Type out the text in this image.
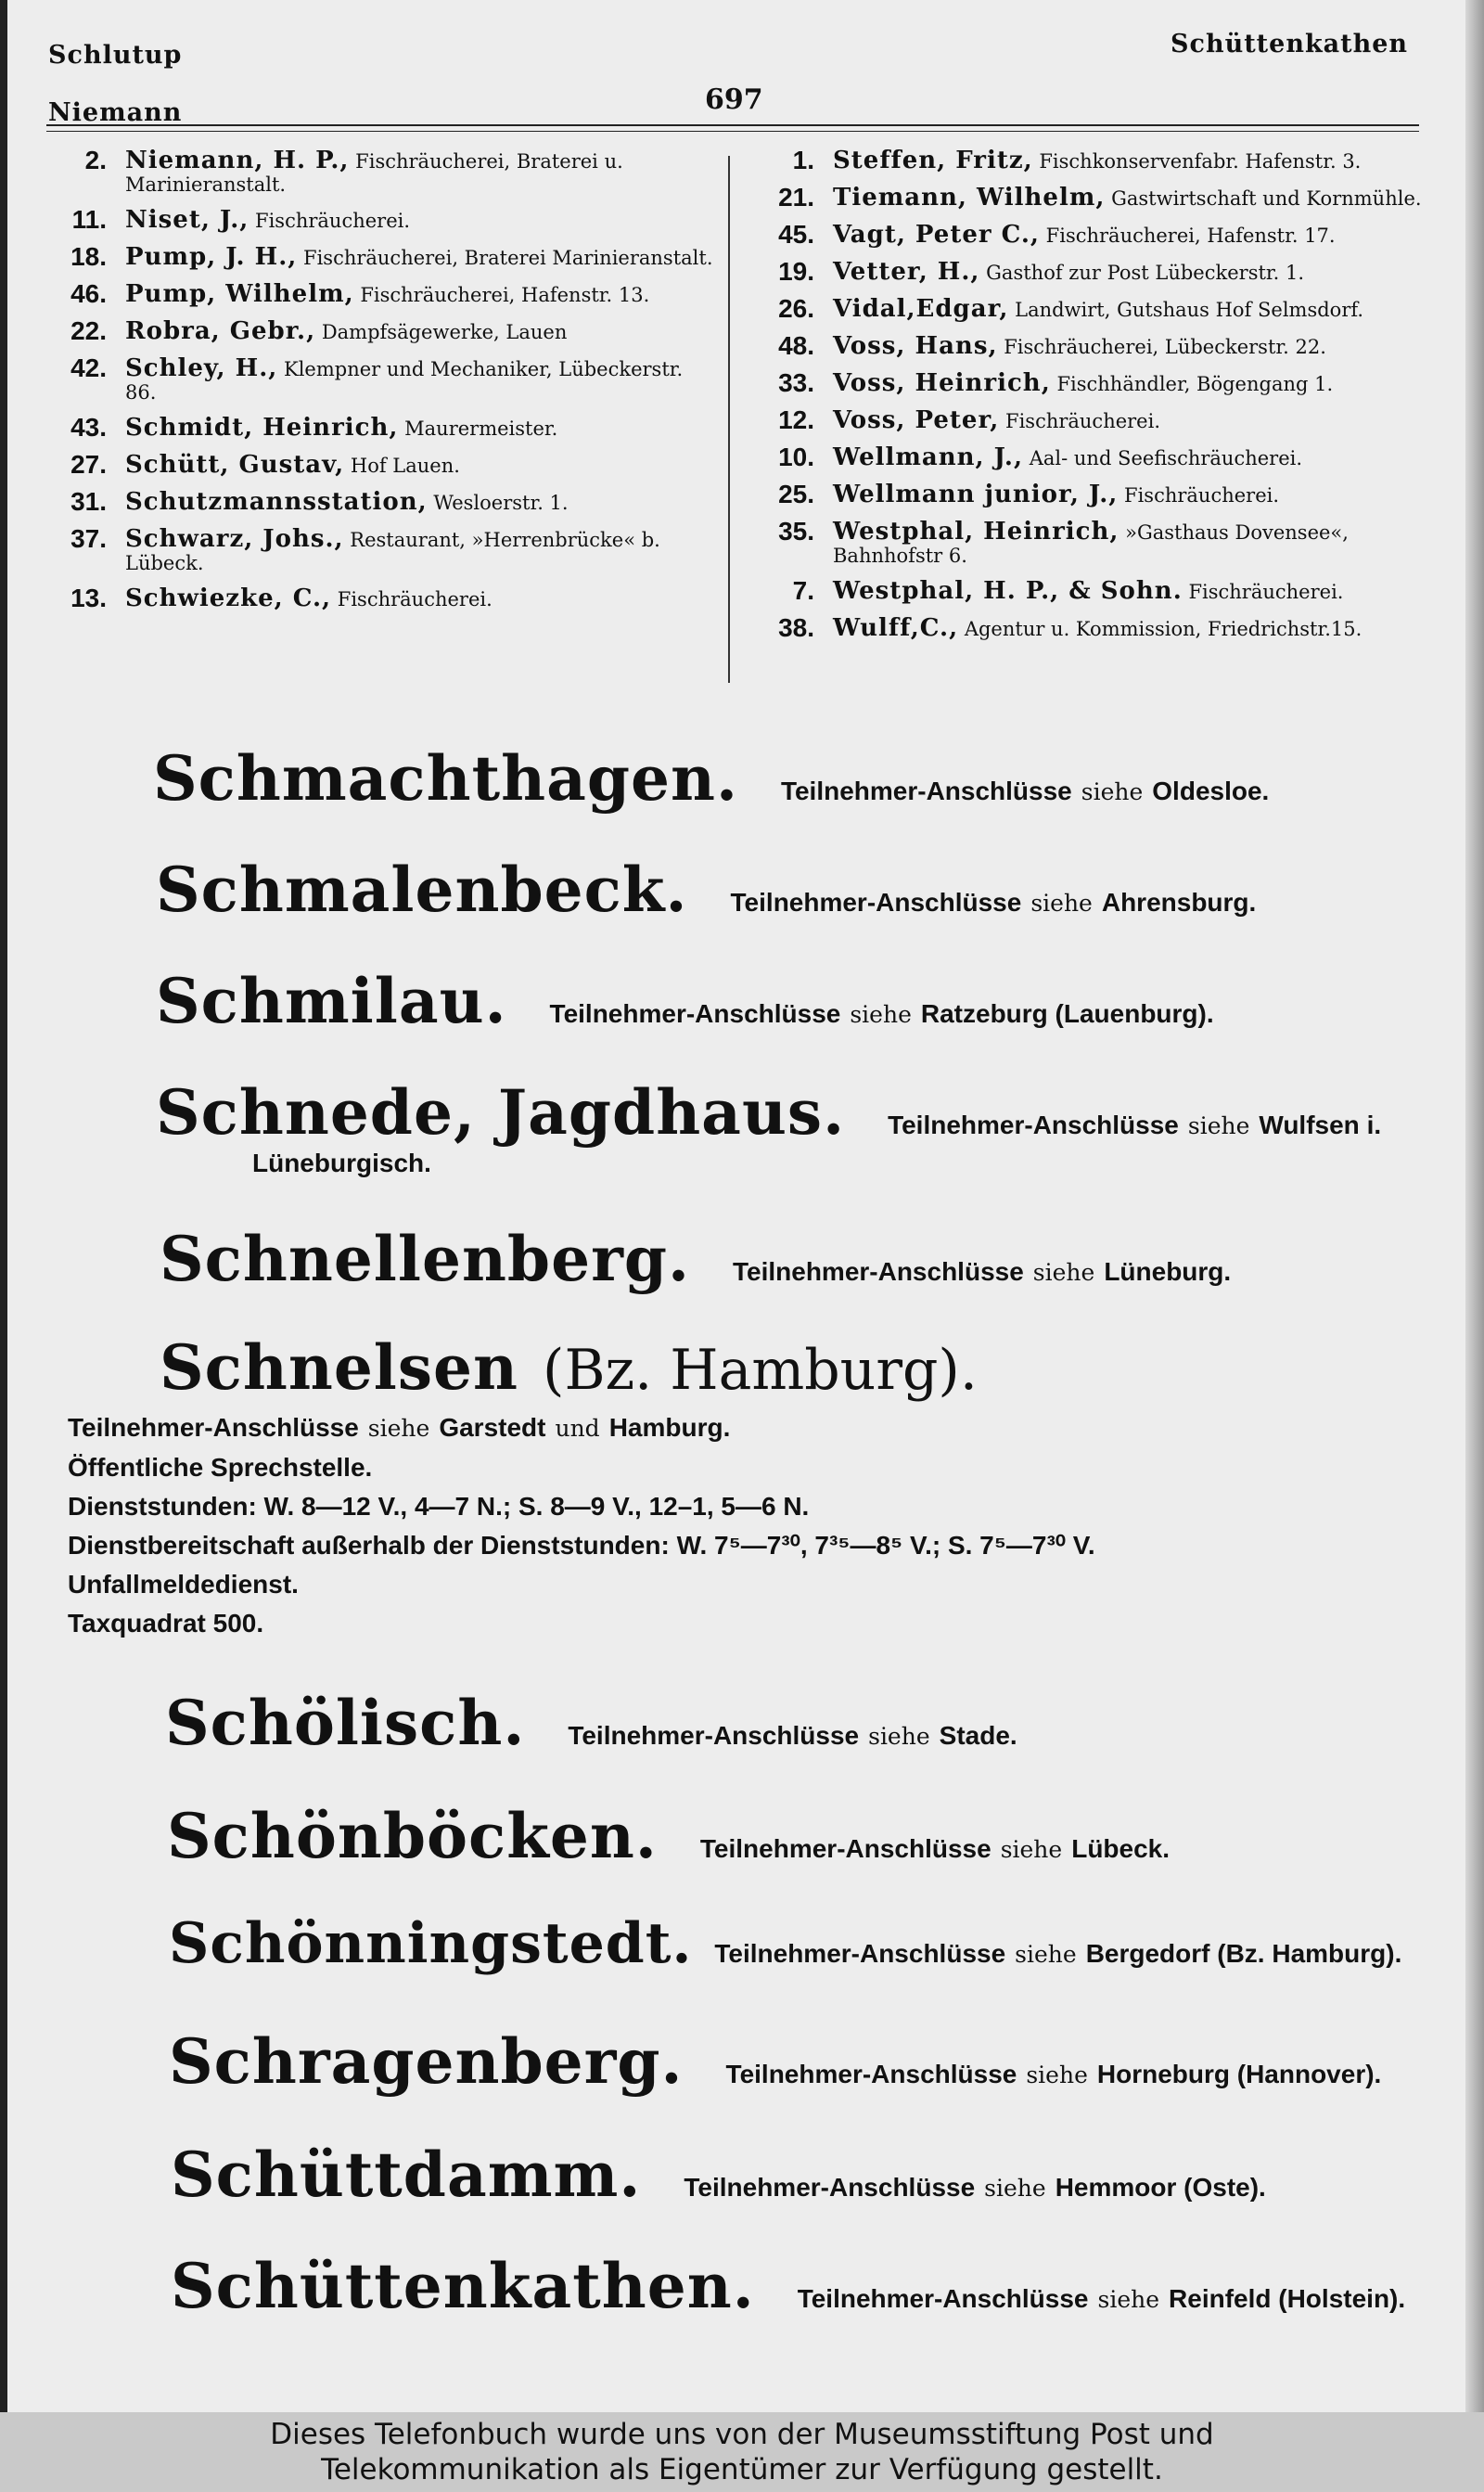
Schlutup
Niemann	697
Schüttenkathen
2. Niemann, H. P., Fischräucherei, Braterei u. Marinieranstalt.
11. Niset, J., Fischräucherei.
18. Pump, J. H., Fischräucherei, Braterei Marinieranstalt.
46. Pump, Wilhelm, Fischräucherei, Hafenstr. 13.
22. Robra, Gebr., Dampfsägewerke, Lauen
42. Schley, H., Klempner und Mechaniker, Lübeckerstr. 86.
43. Schmidt, Heinrich, Maurermeister.
27. Schütt, Gustav, Hof Lauen.
31. Schutzmannsstation, Wesloerstr. 1.
37. Schwarz, Johs., Restaurant, »Herrenbrücke« b. Lübeck.
13. Schwiezke, C., Fischräucherei.
1. Steffen, Fritz, Fischkonservenfabr. Hafenstr. 3.
21. Tiemann, Wilhelm, Gastwirtschaft und Kornmühle.
45. Vagt, Peter C., Fischräucherei, Hafenstr. 17.
19. Vetter, H., Gasthof zur Post Lübeckerstr. 1.
26. Vidal,Edgar, Landwirt, Gutshaus Hof Selmsdorf.
48. Voss, Hans, Fischräucherei, Lübeckerstr. 22.
33. Voss, Heinrich, Fischhändler, Bögengang 1.
12. Voss, Peter, Fischräucherei.
10. Wellmann, J., Aal- und Seefischräucherei.
25. Wellmann junior, J., Fischräucherei.
35. Westphal, Heinrich, »Gasthaus Dovensee«, Bahnhofstr 6.
7. Westphal, H. P., & Sohn. Fischräucherei.
38. Wulff,C., Agentur u. Kommission, Friedrichstr.15.
Schmachthagen. Teilnehmer-Anschlüsse siehe Oldesloe.
Schmalenbeck. Teilnehmer-Anschlüsse siehe Ahrensburg.
Schmilau. Teilnehmer-Anschlüsse siehe Ratzeburg (Lauenburg).
Schnede, Jagdhaus. Teilnehmer-Anschlüsse siehe Wulfsen i.
Lüneburgisch.
Schnellenberg. Teilnehmer-Anschlüsse siehe Lüneburg.
Schnelsen (Bz. Hamburg).
Teilnehmer-Anschlüsse siehe Garstedt und Hamburg.
Öffentliche Sprechstelle.
Dienststunden: W. 8—12 V., 4—7 N.; S. 8—9 V., 12–1, 5—6 N.
Dienstbereitschaft außerhalb der Dienststunden: W. 7⁵—7³⁰, 7³⁵—8⁵ V.; S. 7⁵—7³⁰ V.
Unfallmeldedienst.
Taxquadrat 500.
Schölisch. Teilnehmer-Anschlüsse siehe Stade.
Schönböcken. Teilnehmer-Anschlüsse siehe Lübeck.
Schönningstedt. Teilnehmer-Anschlüsse siehe Bergedorf (Bz. Hamburg).
Schragenberg. Teilnehmer-Anschlüsse siehe Horneburg (Hannover).
Schüttdamm. Teilnehmer-Anschlüsse siehe Hemmoor (Oste).
Schüttenkathen. Teilnehmer-Anschlüsse siehe Reinfeld (Holstein).
Dieses Telefonbuch wurde uns von der Museumsstiftung Post und
Telekommunikation als Eigentümer zur Verfügung gestellt.
